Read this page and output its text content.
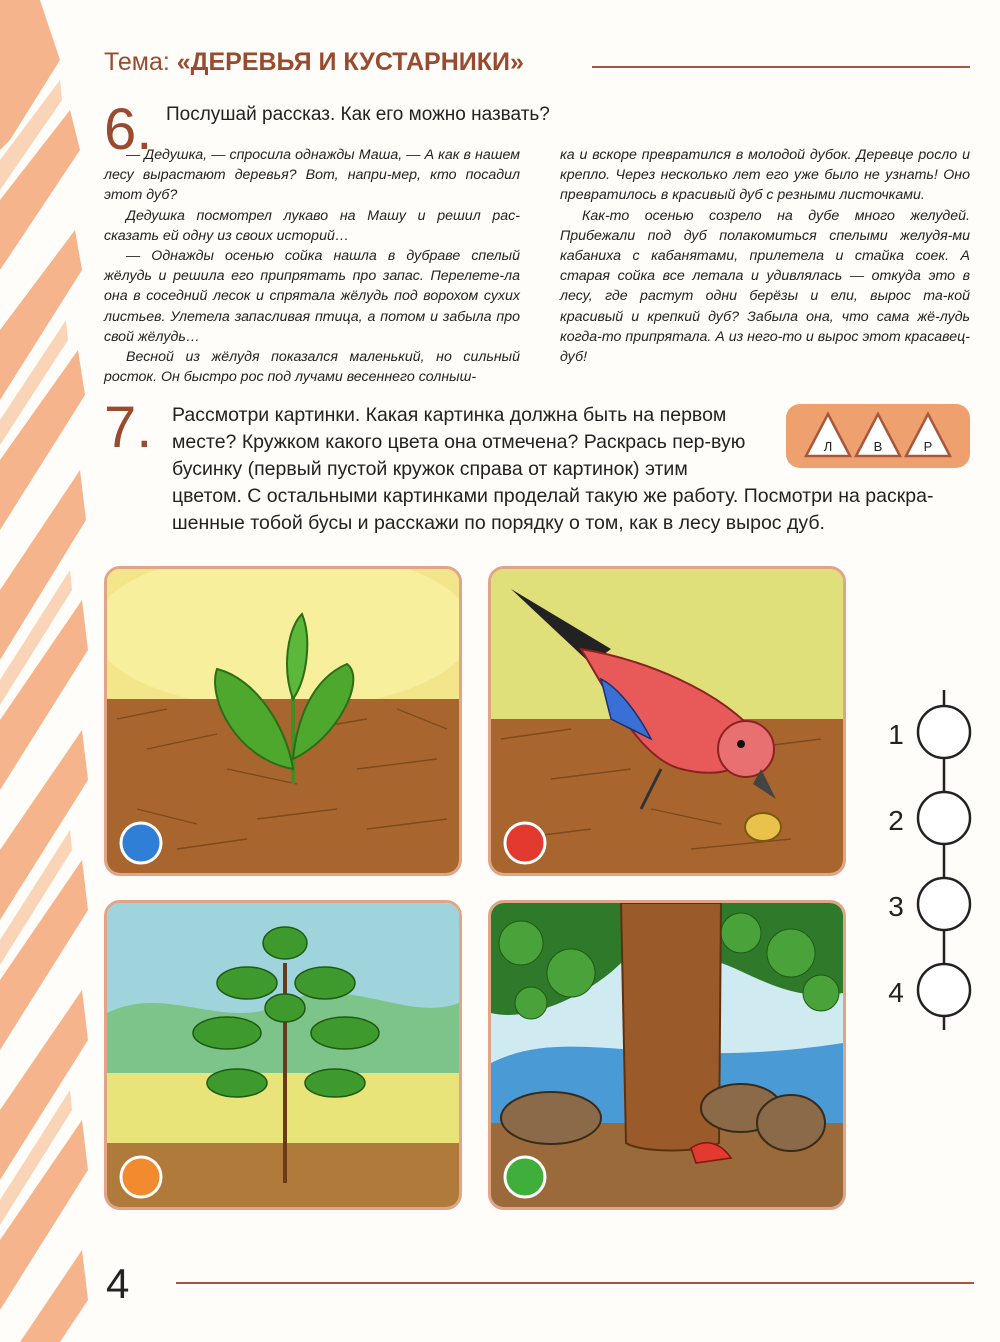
Тема: «ДЕРЕВЬЯ И КУСТАРНИКИ»
6. Послушай рассказ. Как его можно назвать?

— Дедушка, — спросила однажды Маша, — А как в нашем лесу вырастают деревья? Вот, напри-мер, кто посадил этот дуб?

Дедушка посмотрел лукаво на Машу и решил рас-сказать ей одну из своих историй…

— Однажды осенью сойка нашла в дубраве спелый жёлудь и решила его припрятать про запас. Перелете-ла она в соседний лесок и спрятала жёлудь под ворохом сухих листьев. Улетела запасливая птица, а потом и забыла про свой жёлудь…

Весной из жёлудя показался маленький, но сильный росток. Он быстро рос под лучами весеннего солныш-

ка и вскоре превратился в молодой дубок. Деревце росло и крепло. Через несколько лет его уже было не узнать! Оно превратилось в красивый дуб с резными листочками.

Как-то осенью созрело на дубе много желудей. Прибежали под дуб полакомиться спелыми желудя-ми кабаниха с кабанятами, прилетела и стайка соек. А старая сойка все летала и удивлялась — откуда это в лесу, где растут одни берёзы и ели, вырос та-кой красивый и крепкий дуб? Забыла она, что сама жё-лудь когда-то припрятала. А из него-то и вырос этот красавец-дуб!

7. Рассмотри картинки. Какая картинка должна быть на первом месте? Кружком какого цвета она отмечена? Раскрась пер-вую бусинку (первый пустой кружок справа от картинок) этим
цветом. С остальными картинками проделай такую же работу. Посмотри на раскра-шенные тобой бусы и расскажи по порядку о том, как в лесу вырос дуб.
Л	В	Р
1
2
3
4
4
